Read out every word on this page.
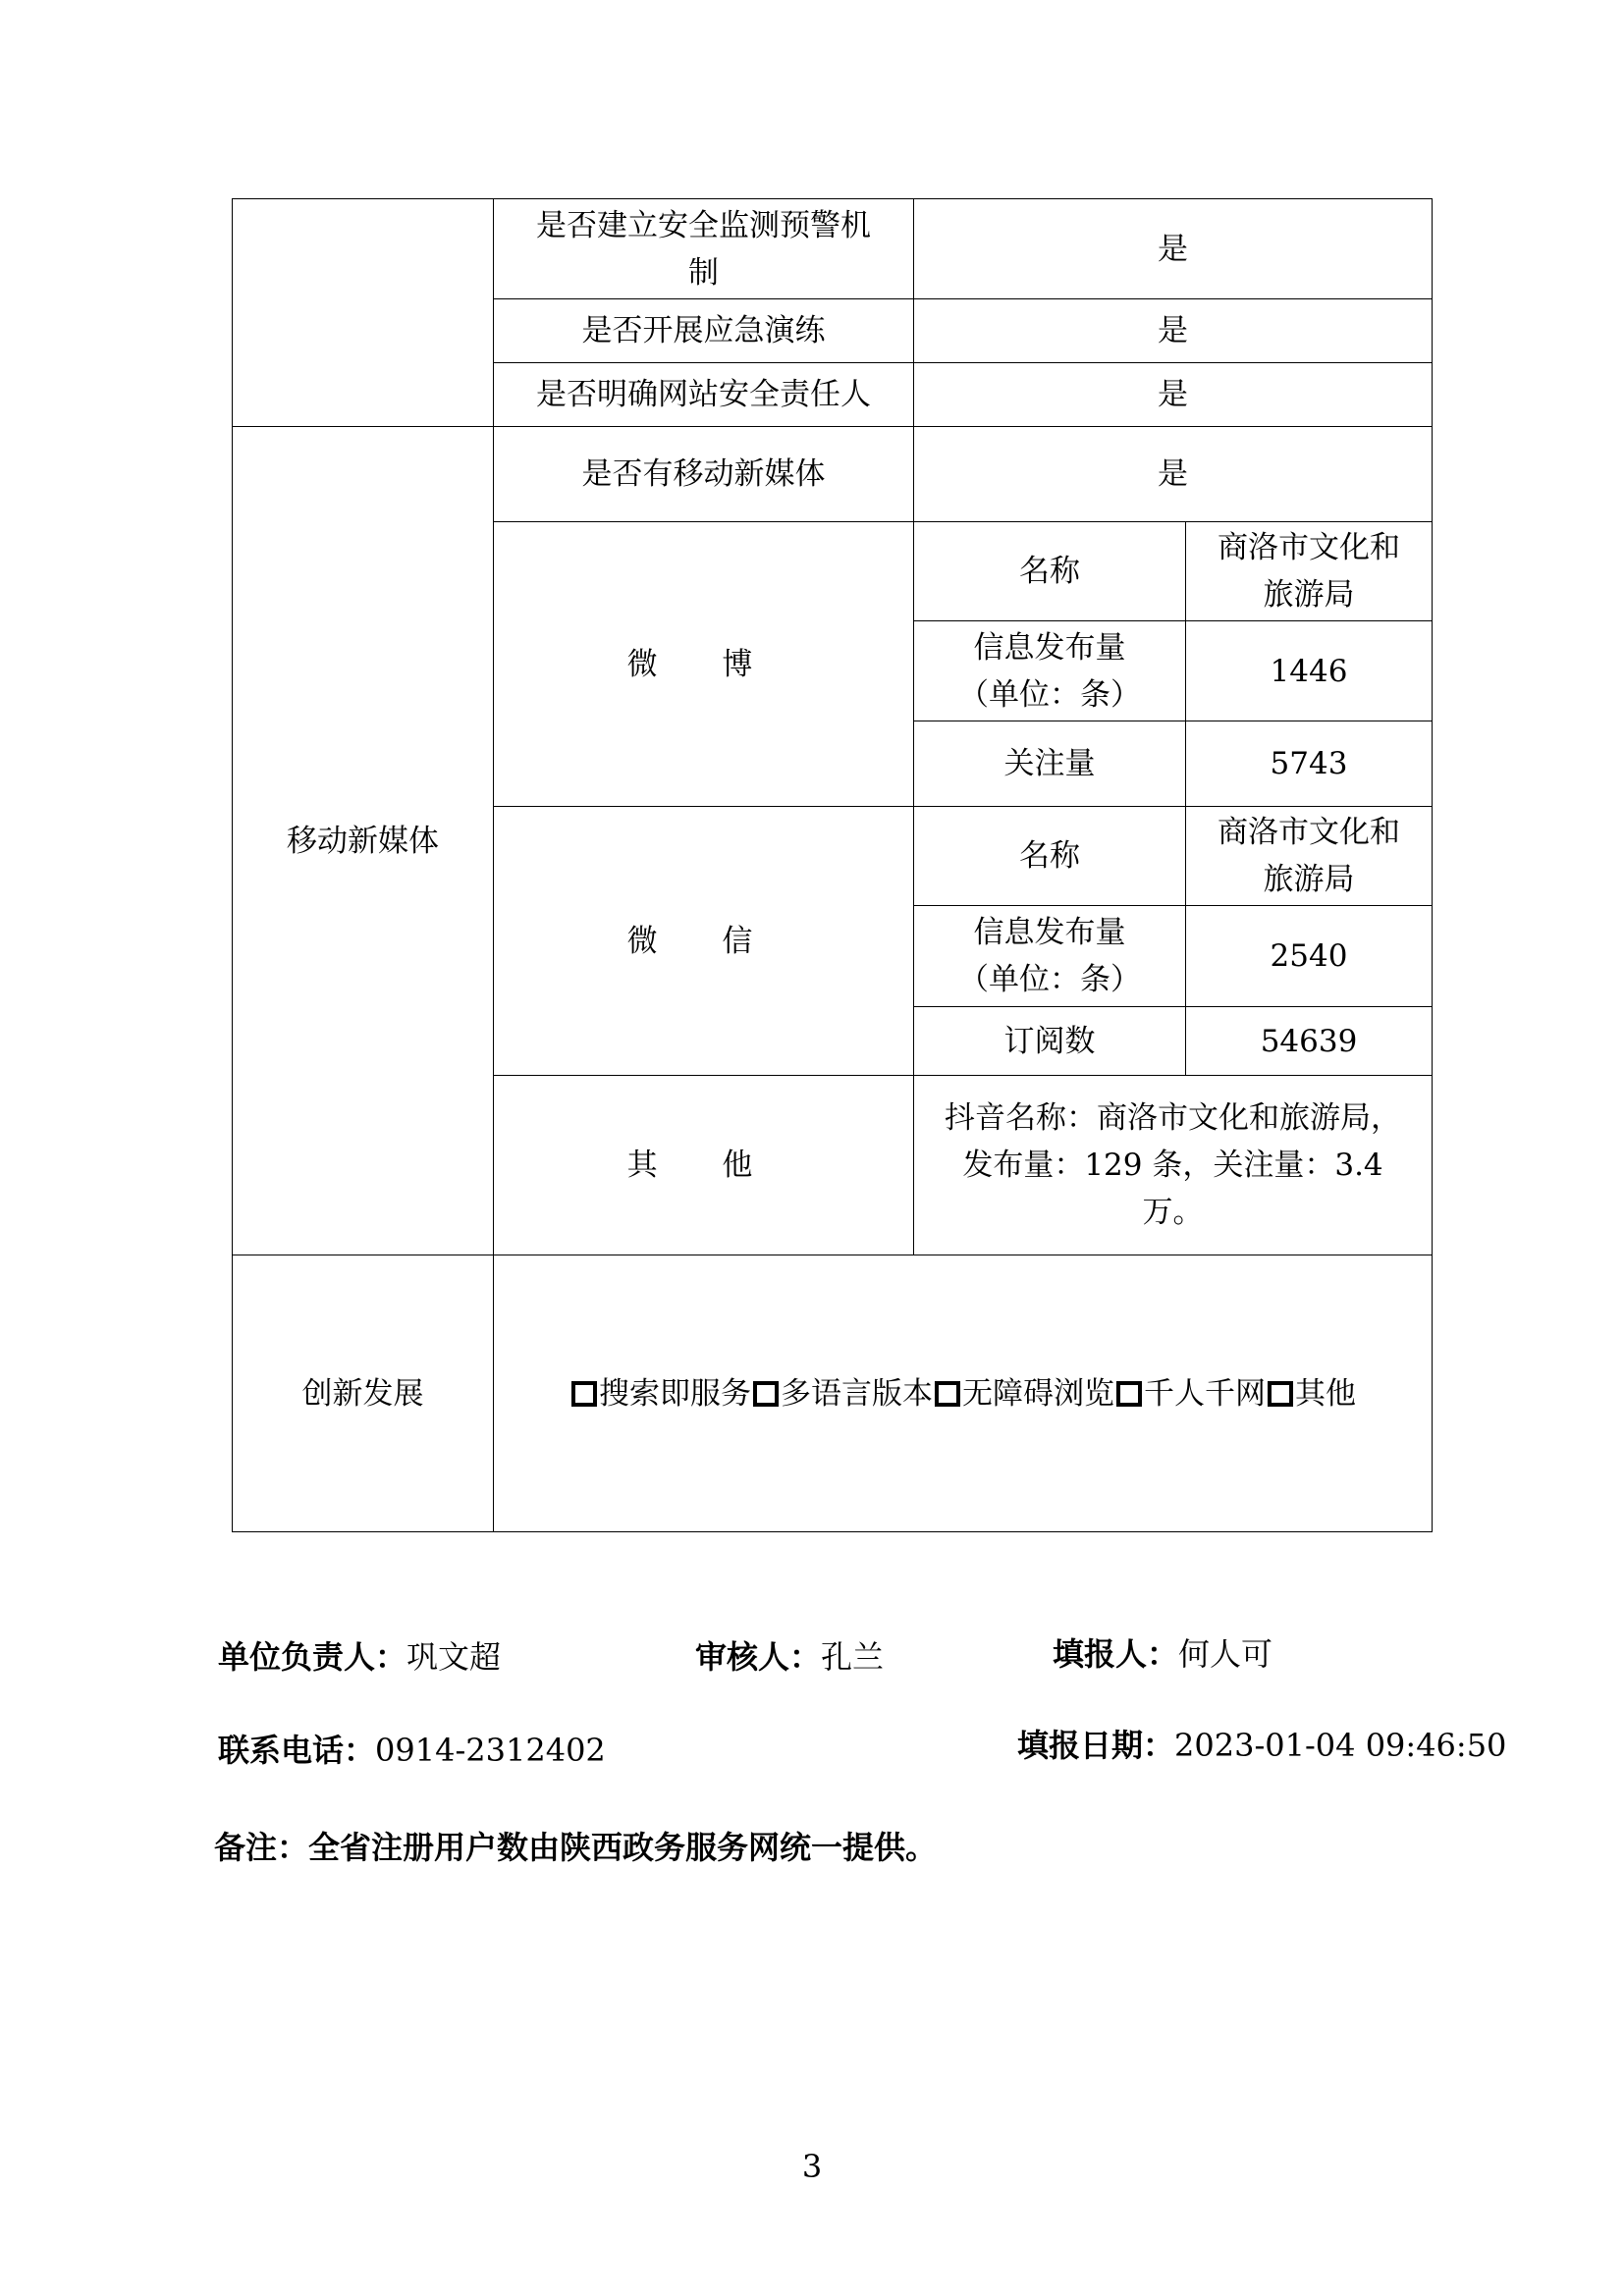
	是否建立安全监测预警机制	是	
	是否开展应急演练	是	
	是否明确网站安全责任人	是	
移动新媒体	是否有移动新媒体	是	
	微 博	名称	商洛市文化和旅游局
		信息发布量（单位：条）	1446
		关注量	5743
	微 信	名称	商洛市文化和旅游局
		信息发布量（单位：条）	2540
		订阅数	54639
	其 他	抖音名称：商洛市文化和旅游局，发布量：129 条，关注量：3.4 万。	
创新发展	搜索即服务 多语言版本 无障碍浏览 千人千网 其他		
单位负责人：巩文超	审核人：孔兰	填报人：何人可
联系电话：0914-2312402	填报日期：2023-01-04 09:46:50
备注：全省注册用户数由陕西政务服务网统一提供。
3
